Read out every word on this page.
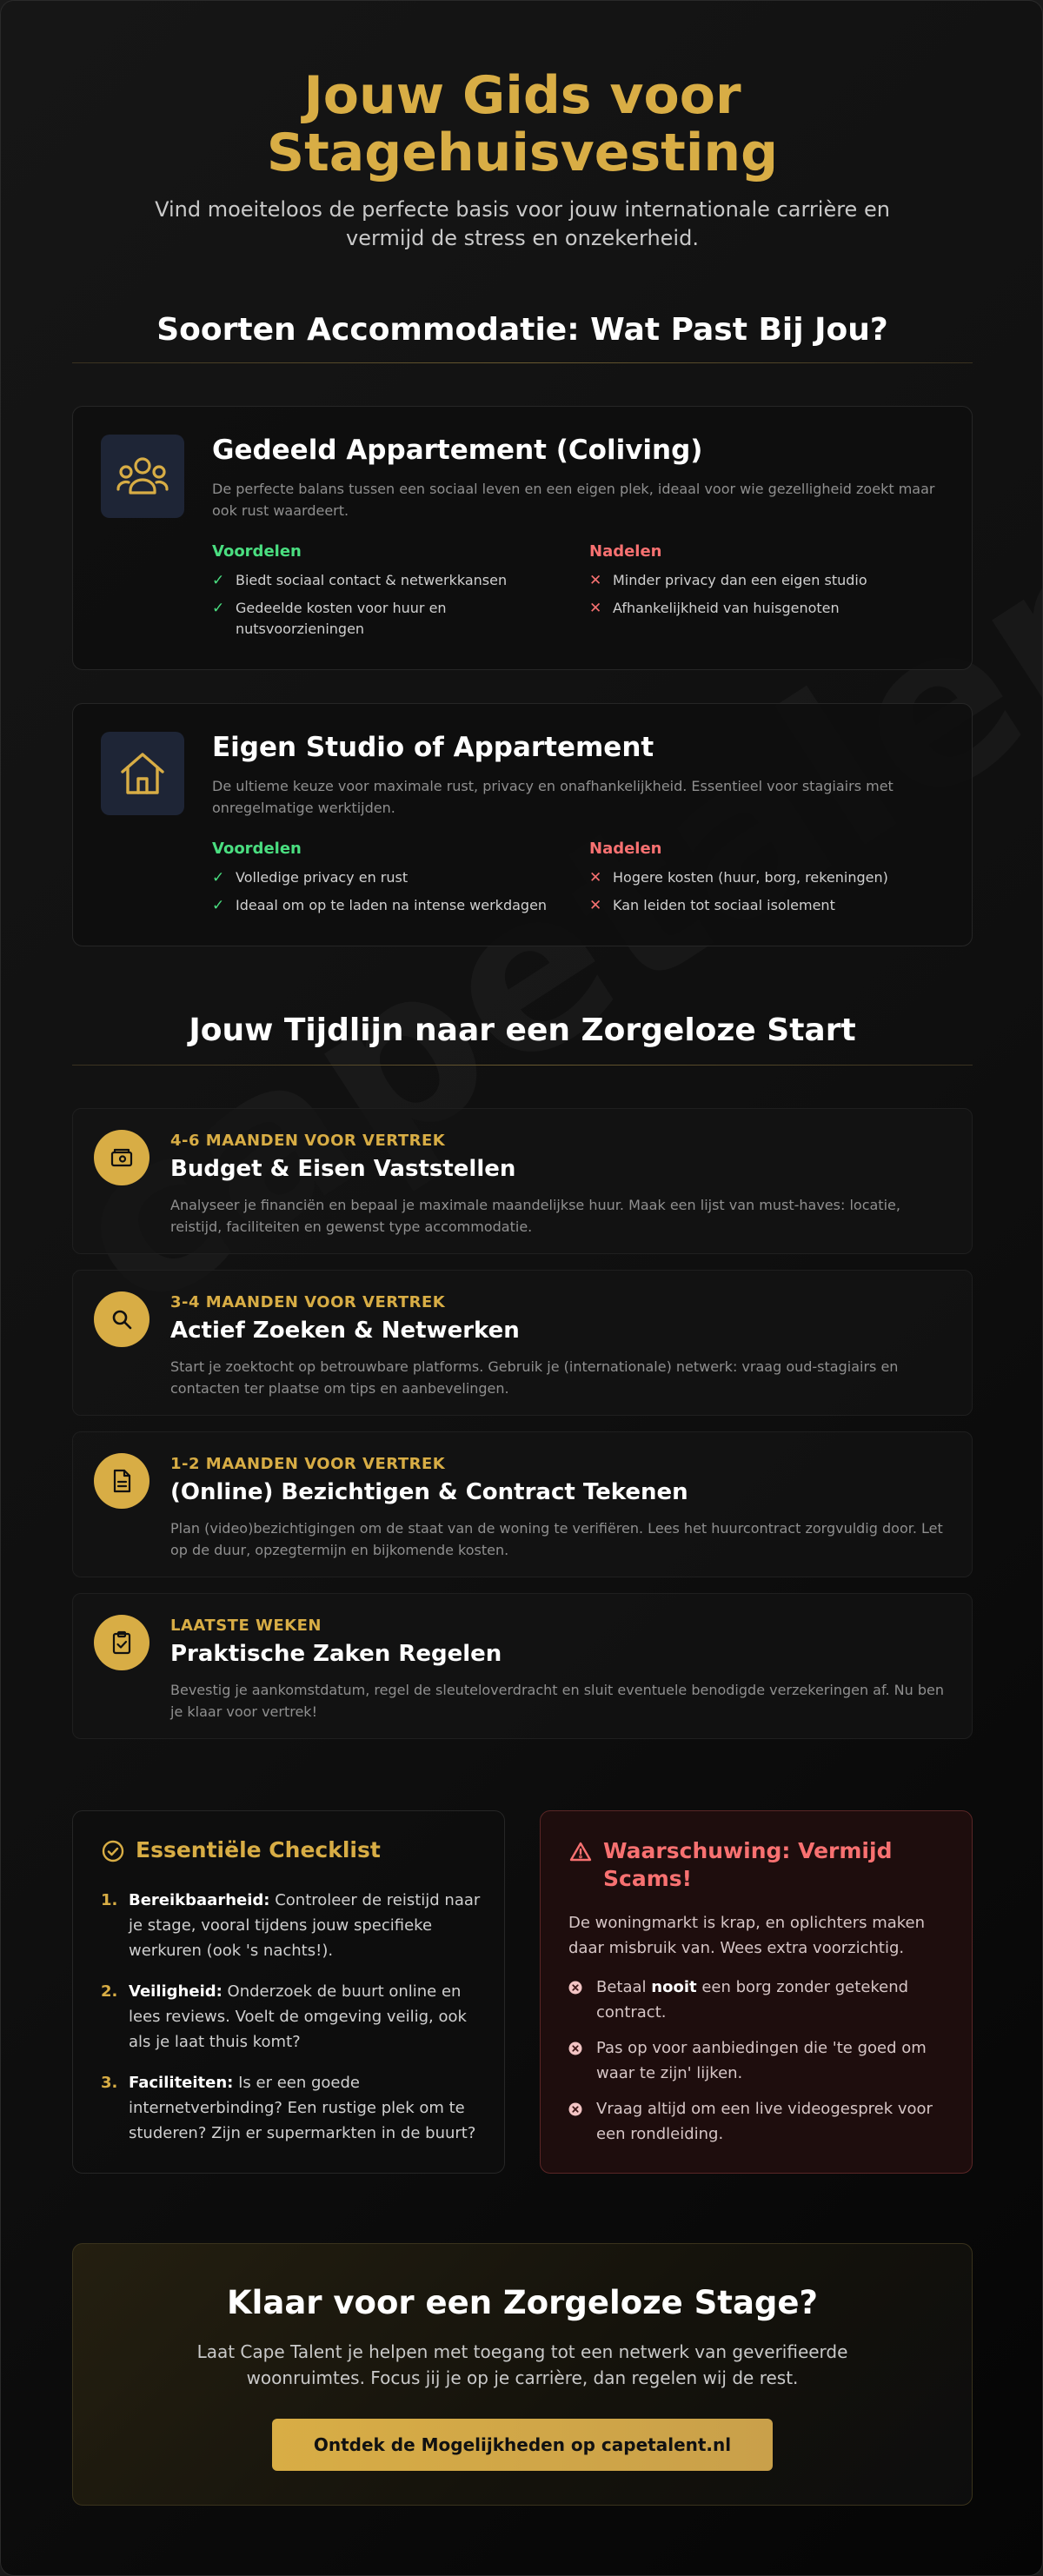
Jouw Gids voor Stagehuisvesting

Vind moeiteloos de perfecte basis voor jouw internationale carrière en vermijd de stress en onzekerheid.

Soorten Accommodatie: Wat Past Bij Jou?
Gedeeld Appartement (Coliving)
De perfecte balans tussen een sociaal leven en een eigen plek, ideaal voor wie gezelligheid zoekt maar ook rust waardeert.
Voordelen
✓ Biedt sociaal contact & netwerkkansen
✓ Gedeelde kosten voor huur en nutsvoorzieningen
Nadelen
✕ Minder privacy dan een eigen studio
✕ Afhankelijkheid van huisgenoten
Eigen Studio of Appartement
De ultieme keuze voor maximale rust, privacy en onafhankelijkheid. Essentieel voor stagiairs met onregelmatige werktijden.
Voordelen
✓ Volledige privacy en rust
✓ Ideaal om op te laden na intense werkdagen
Nadelen
✕ Hogere kosten (huur, borg, rekeningen)
✕ Kan leiden tot sociaal isolement
Jouw Tijdlijn naar een Zorgeloze Start
4-6 MAANDEN VOOR VERTREK
Budget & Eisen Vaststellen
Analyseer je financiën en bepaal je maximale maandelijkse huur. Maak een lijst van must-haves: locatie, reistijd, faciliteiten en gewenst type accommodatie.
3-4 MAANDEN VOOR VERTREK
Actief Zoeken & Netwerken
Start je zoektocht op betrouwbare platforms. Gebruik je (internationale) netwerk: vraag oud-stagiairs en contacten ter plaatse om tips en aanbevelingen.
1-2 MAANDEN VOOR VERTREK
(Online) Bezichtigen & Contract Tekenen
Plan (video)bezichtigingen om de staat van de woning te verifiëren. Lees het huurcontract zorgvuldig door. Let op de duur, opzegtermijn en bijkomende kosten.
LAATSTE WEKEN
Praktische Zaken Regelen
Bevestig je aankomstdatum, regel de sleuteloverdracht en sluit eventuele benodigde verzekeringen af. Nu ben je klaar voor vertrek!
Essentiële Checklist
1. Bereikbaarheid: Controleer de reistijd naar je stage, vooral tijdens jouw specifieke werkuren (ook 's nachts!).
2. Veiligheid: Onderzoek de buurt online en lees reviews. Voelt de omgeving veilig, ook als je laat thuis komt?
3. Faciliteiten: Is er een goede internetverbinding? Een rustige plek om te studeren? Zijn er supermarkten in de buurt?
Waarschuwing: Vermijd Scams!
De woningmarkt is krap, en oplichters maken daar misbruik van. Wees extra voorzichtig.
Betaal nooit een borg zonder getekend contract.
Pas op voor aanbiedingen die 'te goed om waar te zijn' lijken.
Vraag altijd om een live videogesprek voor een rondleiding.
Klaar voor een Zorgeloze Stage?

Laat Cape Talent je helpen met toegang tot een netwerk van geverifieerde woonruimtes. Focus jij je op je carrière, dan regelen wij de rest.

Ontdek de Mogelijkheden op capetalent.nl
